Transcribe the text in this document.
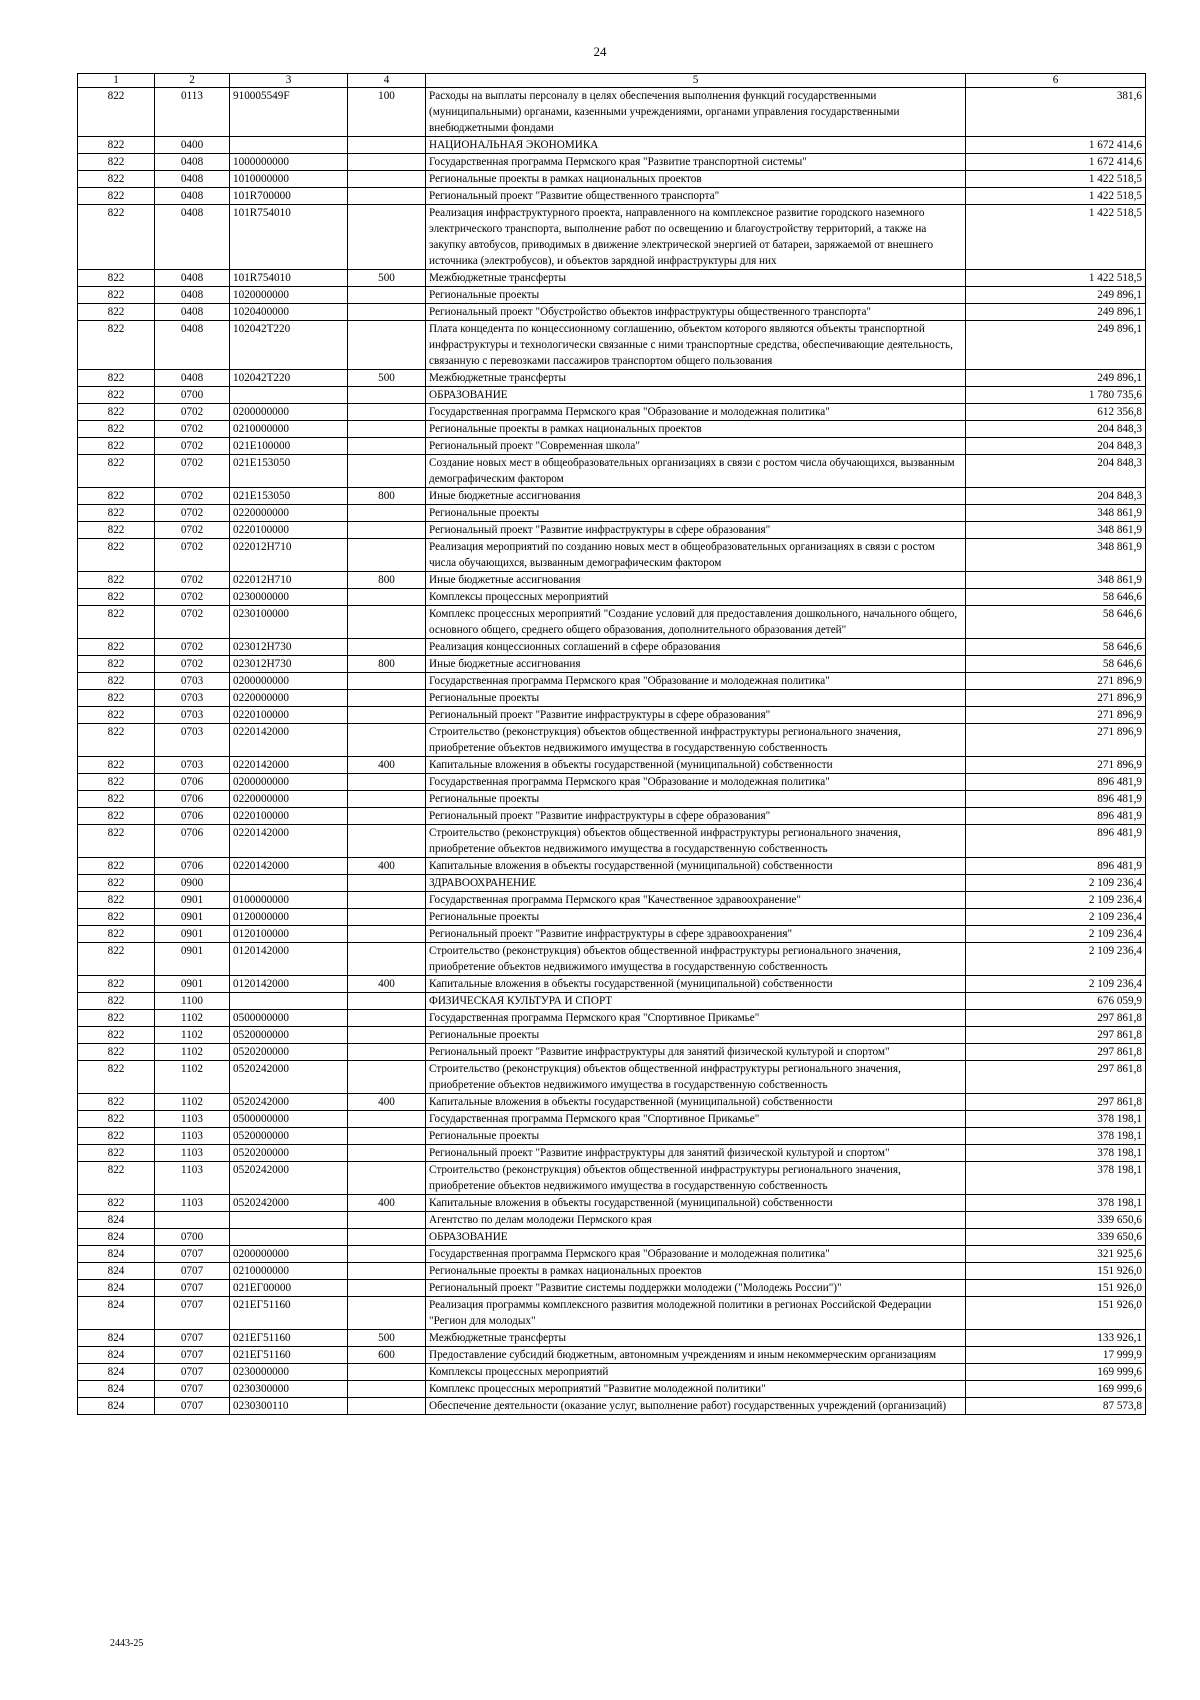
24
1	2	3	4	5	6
822	0113	910005549F	100	Расходы на выплаты персоналу в целях обеспечения выполнения функций государственными (муниципальными) органами, казенными учреждениями, органами управления государственными внебюджетными фондами	381,6
822	0400			НАЦИОНАЛЬНАЯ ЭКОНОМИКА	1 672 414,6
822	0408	1000000000		Государственная программа Пермского края "Развитие транспортной системы"	1 672 414,6
822	0408	1010000000		Региональные проекты в рамках национальных проектов	1 422 518,5
822	0408	101R700000		Региональный проект "Развитие общественного транспорта"	1 422 518,5
822	0408	101R754010		Реализация инфраструктурного проекта, направленного на комплексное развитие городского наземного электрического транспорта, выполнение работ по освещению и благоустройству территорий, а также на закупку автобусов, приводимых в движение электрической энергией от батареи, заряжаемой от внешнего источника (электробусов), и объектов зарядной инфраструктуры для них	1 422 518,5
822	0408	101R754010	500	Межбюджетные трансферты	1 422 518,5
822	0408	1020000000		Региональные проекты	249 896,1
822	0408	1020400000		Региональный проект "Обустройство объектов инфраструктуры общественного транспорта"	249 896,1
822	0408	102042T220		Плата концедента по концессионному соглашению, объектом которого являются объекты транспортной инфраструктуры и технологически связанные с ними транспортные средства, обеспечивающие деятельность, связанную с перевозками пассажиров транспортом общего пользования	249 896,1
822	0408	102042T220	500	Межбюджетные трансферты	249 896,1
822	0700			ОБРАЗОВАНИЕ	1 780 735,6
822	0702	0200000000		Государственная программа Пермского края "Образование и молодежная политика"	612 356,8
822	0702	0210000000		Региональные проекты в рамках национальных проектов	204 848,3
822	0702	021E100000		Региональный проект "Современная школа"	204 848,3
822	0702	021E153050		Создание новых мест в общеобразовательных организациях в связи с ростом числа обучающихся, вызванным демографическим фактором	204 848,3
822	0702	021E153050	800	Иные бюджетные ассигнования	204 848,3
822	0702	0220000000		Региональные проекты	348 861,9
822	0702	0220100000		Региональный проект "Развитие инфраструктуры в сфере образования"	348 861,9
822	0702	022012H710		Реализация мероприятий по созданию новых мест в общеобразовательных организациях в связи с ростом числа обучающихся, вызванным демографическим фактором	348 861,9
822	0702	022012H710	800	Иные бюджетные ассигнования	348 861,9
822	0702	0230000000		Комплексы процессных мероприятий	58 646,6
822	0702	0230100000		Комплекс процессных мероприятий "Создание условий для предоставления дошкольного, начального общего, основного общего, среднего общего образования, дополнительного образования детей"	58 646,6
822	0702	023012H730		Реализация концессионных соглашений в сфере образования	58 646,6
822	0702	023012H730	800	Иные бюджетные ассигнования	58 646,6
822	0703	0200000000		Государственная программа Пермского края "Образование и молодежная политика"	271 896,9
822	0703	0220000000		Региональные проекты	271 896,9
822	0703	0220100000		Региональный проект "Развитие инфраструктуры в сфере образования"	271 896,9
822	0703	0220142000		Строительство (реконструкция) объектов общественной инфраструктуры регионального значения, приобретение объектов недвижимого имущества в государственную собственность	271 896,9
822	0703	0220142000	400	Капитальные вложения в объекты государственной (муниципальной) собственности	271 896,9
822	0706	0200000000		Государственная программа Пермского края "Образование и молодежная политика"	896 481,9
822	0706	0220000000		Региональные проекты	896 481,9
822	0706	0220100000		Региональный проект "Развитие инфраструктуры в сфере образования"	896 481,9
822	0706	0220142000		Строительство (реконструкция) объектов общественной инфраструктуры регионального значения, приобретение объектов недвижимого имущества в государственную собственность	896 481,9
822	0706	0220142000	400	Капитальные вложения в объекты государственной (муниципальной) собственности	896 481,9
822	0900			ЗДРАВООХРАНЕНИЕ	2 109 236,4
822	0901	0100000000		Государственная программа Пермского края "Качественное здравоохранение"	2 109 236,4
822	0901	0120000000		Региональные проекты	2 109 236,4
822	0901	0120100000		Региональный проект "Развитие инфраструктуры в сфере здравоохранения"	2 109 236,4
822	0901	0120142000		Строительство (реконструкция) объектов общественной инфраструктуры регионального значения, приобретение объектов недвижимого имущества в государственную собственность	2 109 236,4
822	0901	0120142000	400	Капитальные вложения в объекты государственной (муниципальной) собственности	2 109 236,4
822	1100			ФИЗИЧЕСКАЯ КУЛЬТУРА И СПОРТ	676 059,9
822	1102	0500000000		Государственная программа Пермского края "Спортивное Прикамье"	297 861,8
822	1102	0520000000		Региональные проекты	297 861,8
822	1102	0520200000		Региональный проект "Развитие инфраструктуры для занятий физической культурой и спортом"	297 861,8
822	1102	0520242000		Строительство (реконструкция) объектов общественной инфраструктуры регионального значения, приобретение объектов недвижимого имущества в государственную собственность	297 861,8
822	1102	0520242000	400	Капитальные вложения в объекты государственной (муниципальной) собственности	297 861,8
822	1103	0500000000		Государственная программа Пермского края "Спортивное Прикамье"	378 198,1
822	1103	0520000000		Региональные проекты	378 198,1
822	1103	0520200000		Региональный проект "Развитие инфраструктуры для занятий физической культурой и спортом"	378 198,1
822	1103	0520242000		Строительство (реконструкция) объектов общественной инфраструктуры регионального значения, приобретение объектов недвижимого имущества в государственную собственность	378 198,1
822	1103	0520242000	400	Капитальные вложения в объекты государственной (муниципальной) собственности	378 198,1
824				Агентство по делам молодежи Пермского края	339 650,6
824	0700			ОБРАЗОВАНИЕ	339 650,6
824	0707	0200000000		Государственная программа Пермского края "Образование и молодежная политика"	321 925,6
824	0707	0210000000		Региональные проекты в рамках национальных проектов	151 926,0
824	0707	021ЕГ00000		Региональный проект "Развитие системы поддержки молодежи ("Молодежь России")"	151 926,0
824	0707	021ЕГ51160		Реализация программы комплексного развития молодежной политики в регионах Российской Федерации "Регион для молодых"	151 926,0
824	0707	021ЕГ51160	500	Межбюджетные трансферты	133 926,1
824	0707	021ЕГ51160	600	Предоставление субсидий бюджетным, автономным учреждениям и иным некоммерческим организациям	17 999,9
824	0707	0230000000		Комплексы процессных мероприятий	169 999,6
824	0707	0230300000		Комплекс процессных мероприятий "Развитие молодежной политики"	169 999,6
824	0707	0230300110		Обеспечение деятельности (оказание услуг, выполнение работ) государственных учреждений (организаций)	87 573,8
2443-25
